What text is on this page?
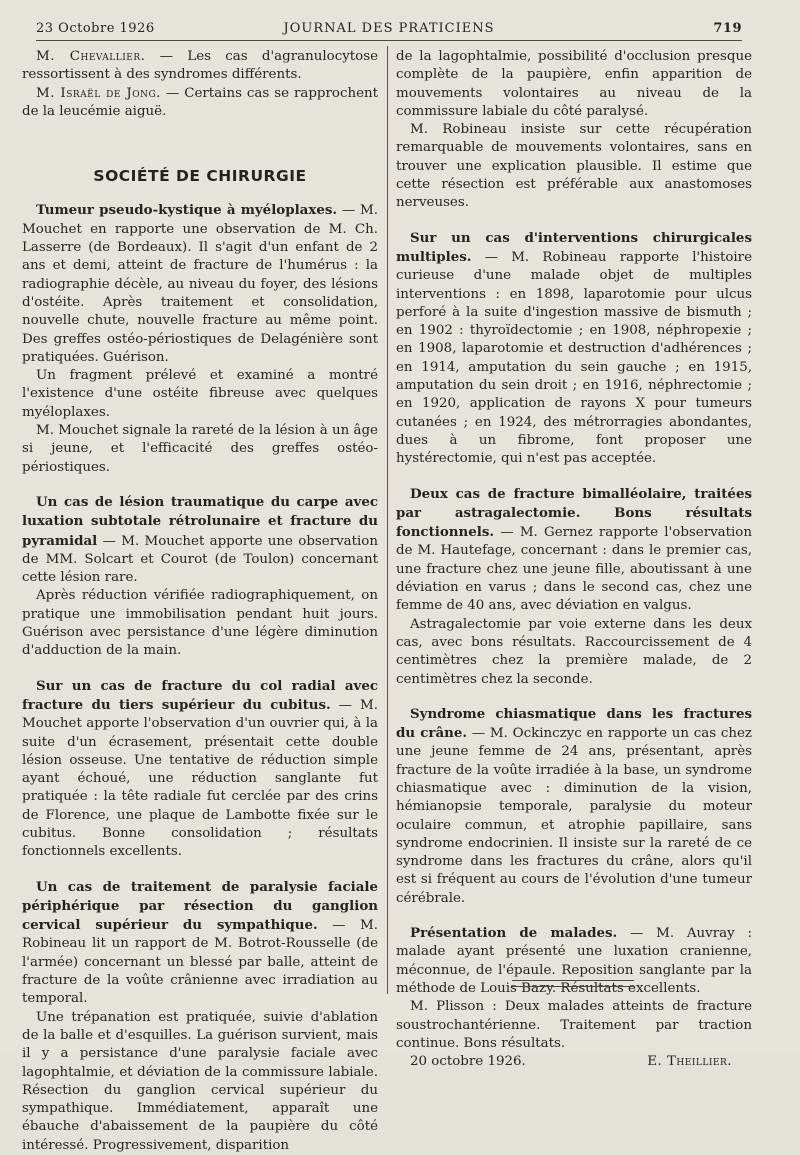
23 Octobre 1926	JOURNAL DES PRATICIENS	719

M. Chevallier. — Les cas d'agranulocytose ressortissent à des syndromes différents.

M. Israël de Jong. — Certains cas se rapprochent de la leucémie aiguë.

SOCIÉTÉ DE CHIRURGIE

Tumeur pseudo-kystique à myéloplaxes. — M. Mouchet en rapporte une observation de M. Ch. Lasserre (de Bordeaux). Il s'agit d'un enfant de 2 ans et demi, atteint de fracture de l'humérus : la radiographie décèle, au niveau du foyer, des lésions d'ostéite. Après traitement et consolidation, nouvelle chute, nouvelle fracture au même point. Des greffes ostéo-périostiques de Delagénière sont pratiquées. Guérison.

Un fragment prélevé et examiné a montré l'existence d'une ostéite fibreuse avec quelques myéloplaxes.

M. Mouchet signale la rareté de la lésion à un âge si jeune, et l'efficacité des greffes ostéo-périostiques.

Un cas de lésion traumatique du carpe avec luxation subtotale rétrolunaire et fracture du pyramidal — M. Mouchet apporte une observation de MM. Solcart et Courot (de Toulon) concernant cette lésion rare.

Après réduction vérifiée radiographiquement, on pratique une immobilisation pendant huit jours. Guérison avec persistance d'une légère diminution d'adduction de la main.

Sur un cas de fracture du col radial avec fracture du tiers supérieur du cubitus. — M. Mouchet apporte l'observation d'un ouvrier qui, à la suite d'un écrasement, présentait cette double lésion osseuse. Une tentative de réduction simple ayant échoué, une réduction sanglante fut pratiquée : la tête radiale fut cerclée par des crins de Florence, une plaque de Lambotte fixée sur le cubitus. Bonne consolidation ; résultats fonctionnels excellents.

Un cas de traitement de paralysie faciale périphérique par résection du ganglion cervical supérieur du sympathique. — M. Robineau lit un rapport de M. Botrot-Rousselle (de l'armée) concernant un blessé par balle, atteint de fracture de la voûte crânienne avec irradiation au temporal.

Une trépanation est pratiquée, suivie d'ablation de la balle et d'esquilles. La guérison survient, mais il y a persistance d'une paralysie faciale avec lagophtalmie, et déviation de la commissure labiale. Résection du ganglion cervical supérieur du sympathique. Immédiatement, apparaît une ébauche d'abaissement de la paupière du côté intéressé. Progressivement, disparition

de la lagophtalmie, possibilité d'occlusion presque complète de la paupière, enfin apparition de mouvements volontaires au niveau de la commissure labiale du côté paralysé.

M. Robineau insiste sur cette récupération remarquable de mouvements volontaires, sans en trouver une explication plausible. Il estime que cette résection est préférable aux anastomoses nerveuses.

Sur un cas d'interventions chirurgicales multiples. — M. Robineau rapporte l'histoire curieuse d'une malade objet de multiples interventions : en 1898, laparotomie pour ulcus perforé à la suite d'ingestion massive de bismuth ; en 1902 : thyroïdectomie ; en 1908, néphropexie ; en 1908, laparotomie et destruction d'adhérences ; en 1914, amputation du sein gauche ; en 1915, amputation du sein droit ; en 1916, néphrectomie ; en 1920, application de rayons X pour tumeurs cutanées ; en 1924, des métrorragies abondantes, dues à un fibrome, font proposer une hystérectomie, qui n'est pas acceptée.

Deux cas de fracture bimalléolaire, traitées par astragalectomie. Bons résultats fonctionnels. — M. Gernez rapporte l'observation de M. Hautefage, concernant : dans le premier cas, une fracture chez une jeune fille, aboutissant à une déviation en varus ; dans le second cas, chez une femme de 40 ans, avec déviation en valgus.

Astragalectomie par voie externe dans les deux cas, avec bons résultats. Raccourcissement de 4 centimètres chez la première malade, de 2 centimètres chez la seconde.

Syndrome chiasmatique dans les fractures du crâne. — M. Ockinczyc en rapporte un cas chez une jeune femme de 24 ans, présentant, après fracture de la voûte irradiée à la base, un syndrome chiasmatique avec : diminution de la vision, hémianopsie temporale, paralysie du moteur oculaire commun, et atrophie papillaire, sans syndrome endocrinien. Il insiste sur la rareté de ce syndrome dans les fractures du crâne, alors qu'il est si fréquent au cours de l'évolution d'une tumeur cérébrale.

Présentation de malades. — M. Auvray : malade ayant présenté une luxation cranienne, méconnue, de l'épaule. Reposition sanglante par la méthode de Louis Bazy. Résultats excellents.

M. Plisson : Deux malades atteints de fracture soustrochantérienne. Traitement par traction continue. Bons résultats.

20 octobre 1926.	E. Theillier.
